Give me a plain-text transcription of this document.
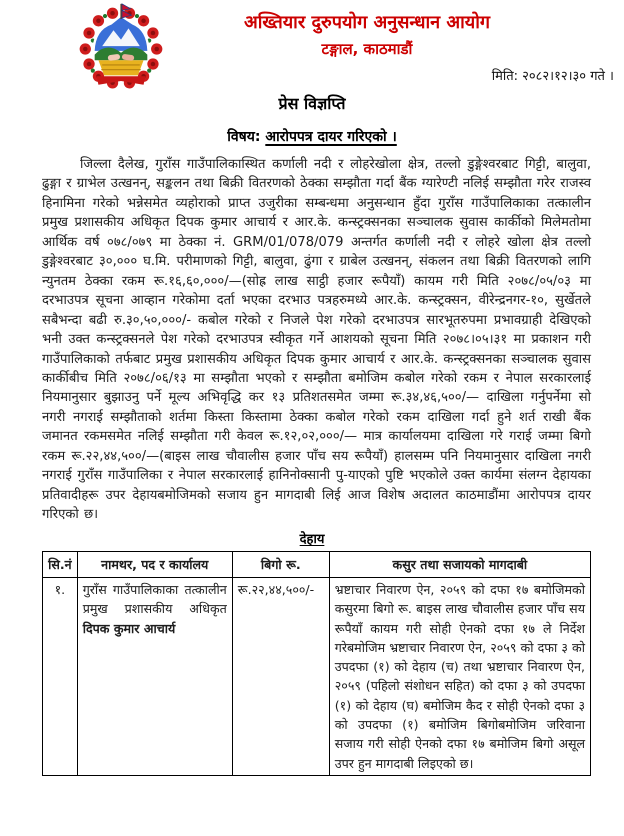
अख्तियार दुरुपयोग अनुसन्धान आयोग
टङ्गाल, काठमाडौं
मिति: २०८२।१२।३० गते ।
प्रेस विज्ञप्ति
विषय: आरोपपत्र दायर गरिएको ।
जिल्ला दैलेख, गुराँस गाउँपालिकास्थित कर्णाली नदी र लोहरेखोला क्षेत्र, तल्लो डुङ्गेश्वरबाट गिट्टी, बालुवा, ढुङ्गा र ग्राभेल उत्खनन्, सङ्कलन तथा बिक्री वितरणको ठेक्का सम्झौता गर्दा बैंक ग्यारेण्टी नलिई सम्झौता गरेर राजस्व हिनामिना गरेको भन्नेसमेत व्यहोराको प्राप्त उजुरीका सम्बन्धमा अनुसन्धान हुँदा गुराँस गाउँपालिकाका तत्कालीन प्रमुख प्रशासकीय अधिकृत दिपक कुमार आचार्य र आर.के. कन्स्ट्रक्सनका सञ्चालक सुवास कार्कीको मिलेमतोमा आर्थिक वर्ष ०७८/०७९ मा ठेक्का नं. GRM/01/078/079 अन्तर्गत कर्णाली नदी र लोहरे खोला क्षेत्र तल्लो डुङ्गेश्वरबाट ३०,००० घ.मि. परीमाणको गिट्टी, बालुवा, ढुंगा र ग्राबेल उत्खनन्, संकलन तथा बिक्री वितरणको लागि न्युनतम ठेक्का रकम रू.१६,६०,०००/—(सोह्र लाख साट्ठी हजार रूपैयाँ) कायम गरी मिति २०७८/०५/०३ मा दरभाउपत्र सूचना आव्हान गरेकोमा दर्ता भएका दरभाउ पत्रहरुमध्ये आर.के. कन्स्ट्रक्सन, वीरेन्द्रनगर-१०, सुर्खेतले सबैभन्दा बढी रु.३०,५०,०००/- कबोल गरेको र निजले पेश गरेको दरभाउपत्र सारभूतरुपमा प्रभावग्राही देखिएको भनी उक्त कन्स्ट्रक्सनले पेश गरेको दरभाउपत्र स्वीकृत गर्ने आशयको सूचना मिति २०७८।०५।३१ मा प्रकाशन गरी गाउँपालिकाको तर्फबाट प्रमुख प्रशासकीय अधिकृत दिपक कुमार आचार्य र आर.के. कन्स्ट्रक्सनका सञ्चालक सुवास कार्कीबीच मिति २०७८/०६/१३ मा सम्झौता भएको र सम्झौता बमोजिम कबोल गरेको रकम र नेपाल सरकारलाई नियमानुसार बुझाउनु पर्ने मूल्य अभिवृद्धि कर १३ प्रतिशतसमेत जम्मा रू.३४,४६,५००/— दाखिला गर्नुपर्नेमा सो नगरी नगराई सम्झौताको शर्तमा किस्ता किस्तामा ठेक्का कबोल गरेको रकम दाखिला गर्दा हुने शर्त राखी बैंक जमानत रकमसमेत नलिई सम्झौता गरी केवल रू.१२,०२,०००/— मात्र कार्यालयमा दाखिला गरे गराई जम्मा बिगो रकम रू.२२,४४,५००/—(बाइस लाख चौवालीस हजार पाँच सय रूपैयाँ) हालसम्म पनि नियमानुसार दाखिला नगरी नगराई गुराँस गाउँपालिका र नेपाल सरकारलाई हानिनोक्सानी पु-याएको पुष्टि भएकोले उक्त कार्यमा संलग्न देहायका प्रतिवादीहरू उपर देहायबमोजिमको सजाय हुन मागदाबी लिई आज विशेष अदालत काठमाडौंमा आरोपपत्र दायर गरिएको छ।
देहाय
सि.नं	नामथर, पद र कार्यालय	बिगो रू.	कसुर तथा सजायको मागदाबी
१.	गुराँस गाउँपालिकाका तत्कालीन प्रमुख प्रशासकीय अधिकृत दिपक कुमार आचार्य	रू.२२,४४,५००/-	भ्रष्टाचार निवारण ऐन, २०५९ को दफा १७ बमोजिमको कसुरमा बिगो रू. बाइस लाख चौवालीस हजार पाँच सय रूपैयाँ कायम गरी सोही ऐनको दफा १७ ले निर्देश गरेबमोजिम भ्रष्टाचार निवारण ऐन, २०५९ को दफा ३ को उपदफा (१) को देहाय (च) तथा भ्रष्टाचार निवारण ऐन, २०५९ (पहिलो संशोधन सहित) को दफा ३ को उपदफा (१) को देहाय (घ) बमोजिम कैद र सोही ऐनको दफा ३ को उपदफा (१) बमोजिम बिगोबमोजिम जरिवाना सजाय गरी सोही ऐनको दफा १७ बमोजिम बिगो असूल उपर हुन मागदाबी लिइएको छ।
